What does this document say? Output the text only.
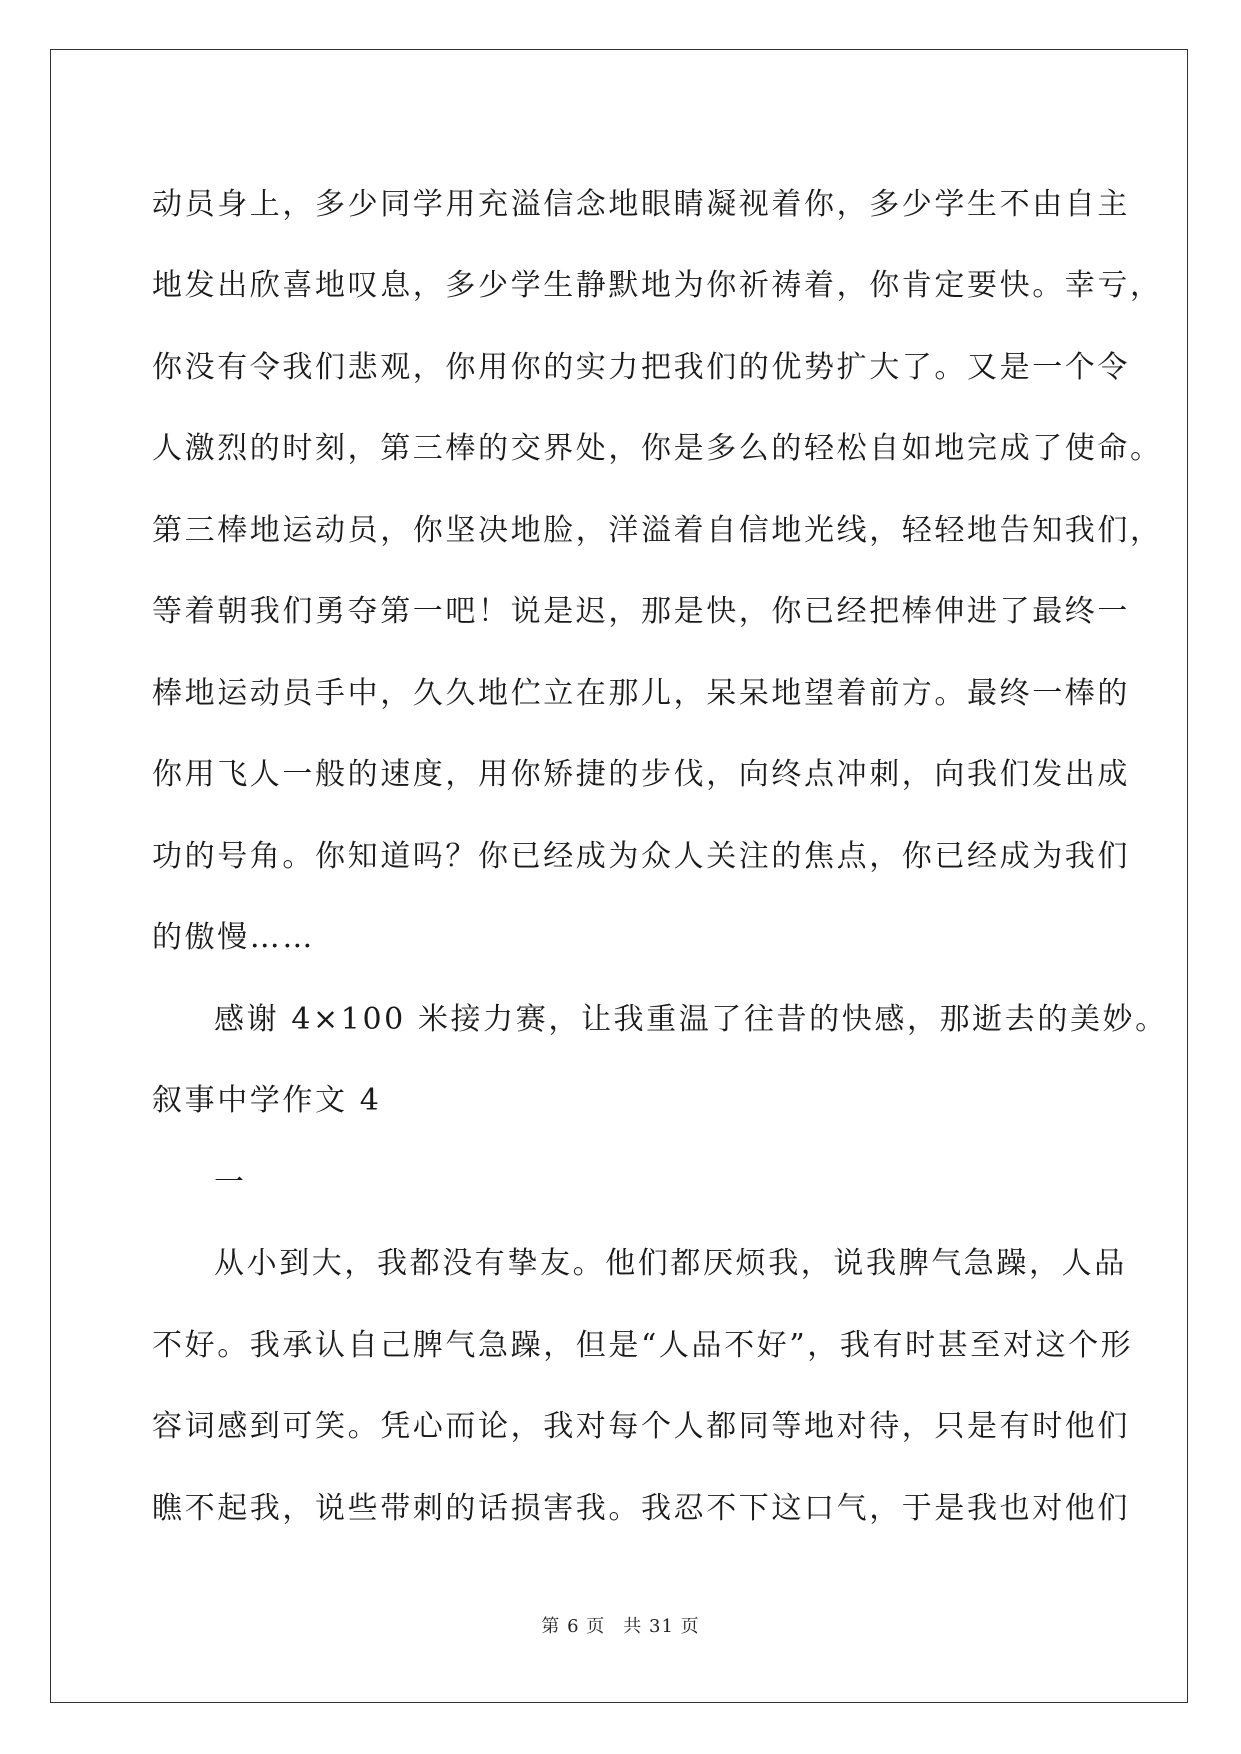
动员身上，多少同学用充溢信念地眼睛凝视着你，多少学生不由自主
地发出欣喜地叹息，多少学生静默地为你祈祷着，你肯定要快。幸亏，
你没有令我们悲观，你用你的实力把我们的优势扩大了。又是一个令
人激烈的时刻，第三棒的交界处，你是多么的轻松自如地完成了使命。
第三棒地运动员，你坚决地脸，洋溢着自信地光线，轻轻地告知我们，
等着朝我们勇夺第一吧！说是迟，那是快，你已经把棒伸进了最终一
棒地运动员手中，久久地伫立在那儿，呆呆地望着前方。最终一棒的
你用飞人一般的速度，用你矫捷的步伐，向终点冲刺，向我们发出成
功的号角。你知道吗？你已经成为众人关注的焦点，你已经成为我们
的傲慢……
感谢 4×100 米接力赛，让我重温了往昔的快感，那逝去的美妙。
叙事中学作文 4
一
从小到大，我都没有挚友。他们都厌烦我，说我脾气急躁，人品
不好。我承认自己脾气急躁，但是“人品不好”，我有时甚至对这个形
容词感到可笑。凭心而论，我对每个人都同等地对待，只是有时他们
瞧不起我，说些带刺的话损害我。我忍不下这口气，于是我也对他们
第 6 页 共 31 页
